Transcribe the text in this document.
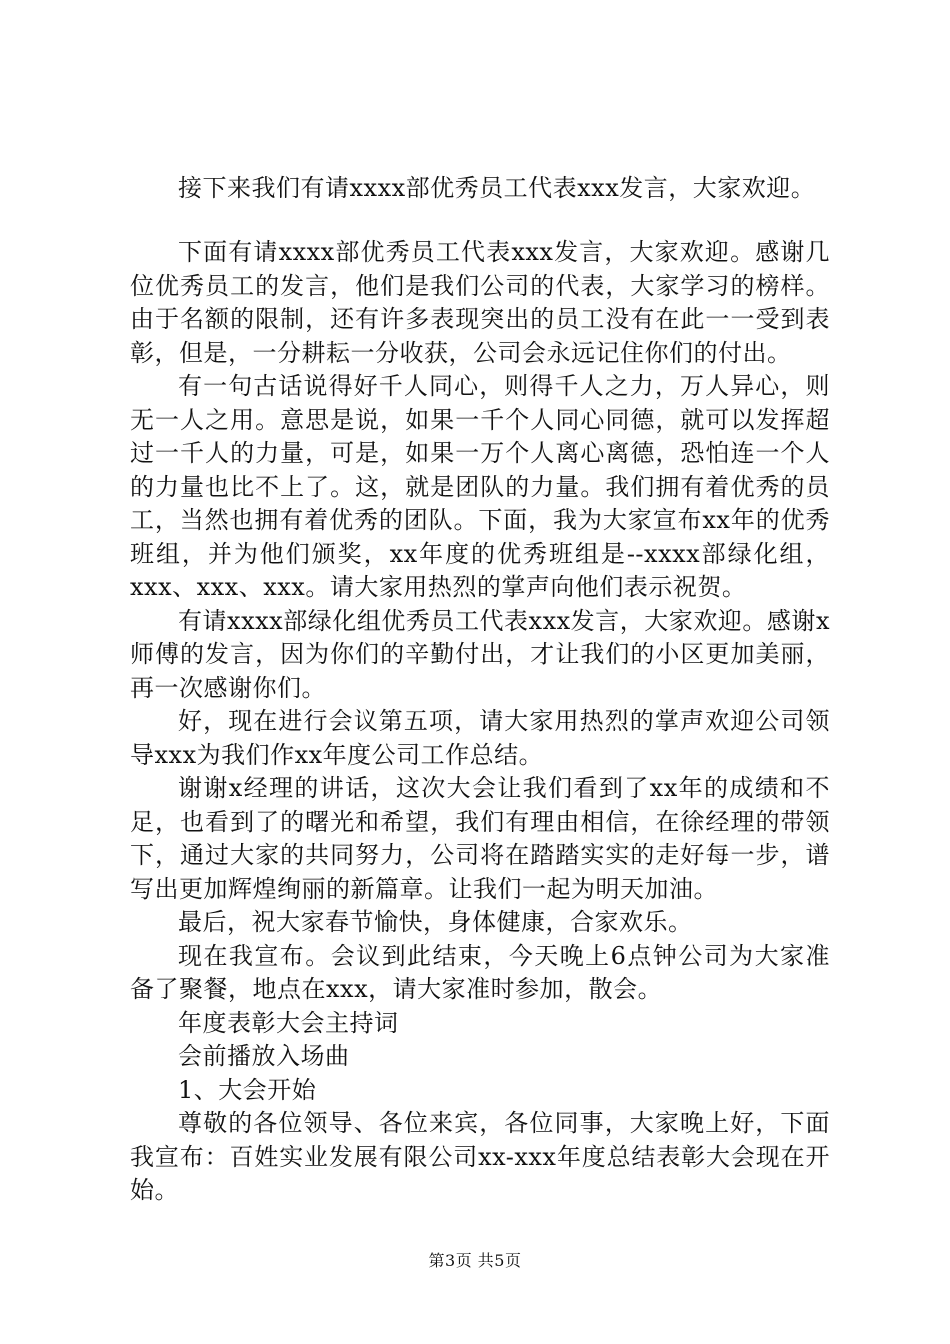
接下来我们有请xxxx部优秀员工代表xxx发言，大家欢迎。

下面有请xxxx部优秀员工代表xxx发言，大家欢迎。感谢几位优秀员工的发言，他们是我们公司的代表，大家学习的榜样。由于名额的限制，还有许多表现突出的员工没有在此一一受到表彰，但是，一分耕耘一分收获，公司会永远记住你们的付出。

有一句古话说得好千人同心，则得千人之力，万人异心，则无一人之用。意思是说，如果一千个人同心同德，就可以发挥超过一千人的力量，可是，如果一万个人离心离德，恐怕连一个人的力量也比不上了。这，就是团队的力量。我们拥有着优秀的员工，当然也拥有着优秀的团队。下面，我为大家宣布xx年的优秀班组，并为他们颁奖，xx年度的优秀班组是--xxxx部绿化组，xxx、xxx、xxx。请大家用热烈的掌声向他们表示祝贺。

有请xxxx部绿化组优秀员工代表xxx发言，大家欢迎。感谢x师傅的发言，因为你们的辛勤付出，才让我们的小区更加美丽，再一次感谢你们。

好，现在进行会议第五项，请大家用热烈的掌声欢迎公司领导xxx为我们作xx年度公司工作总结。

谢谢x经理的讲话，这次大会让我们看到了xx年的成绩和不足，也看到了的曙光和希望，我们有理由相信，在徐经理的带领下，通过大家的共同努力，公司将在踏踏实实的走好每一步，谱写出更加辉煌绚丽的新篇章。让我们一起为明天加油。

最后，祝大家春节愉快，身体健康，合家欢乐。

现在我宣布。会议到此结束，今天晚上6点钟公司为大家准备了聚餐，地点在xxx，请大家准时参加，散会。

年度表彰大会主持词

会前播放入场曲

1、大会开始

尊敬的各位领导、各位来宾，各位同事，大家晚上好，下面我宣布：百姓实业发展有限公司xx-xxx年度总结表彰大会现在开始。

第3页 共5页
